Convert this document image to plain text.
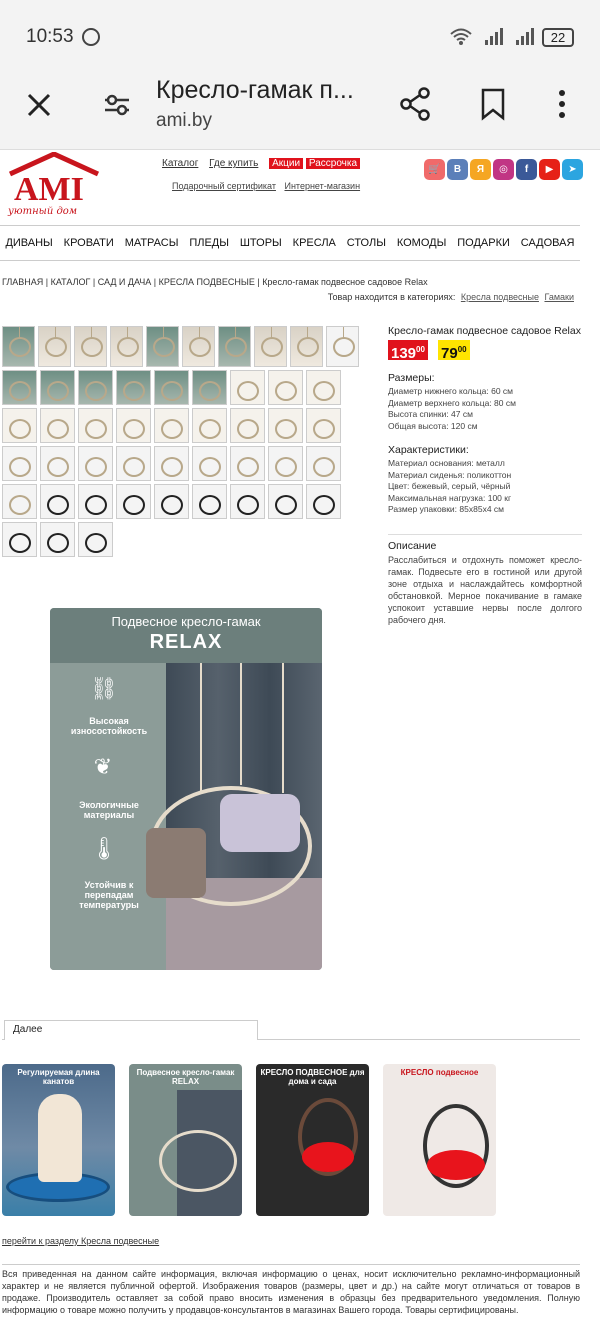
10:53	22
Кресло-гамак п...
ami.by
AMI
уютный дом
Каталог Где купить Акции Рассрочка
Подарочный сертификат Интернет-магазин
🛒	В	Я	◎	f	▶	➤
ДИВАНЫ КРОВАТИ МАТРАСЫ ПЛЕДЫ ШТОРЫ КРЕСЛА СТОЛЫ КОМОДЫ ПОДАРКИ САДОВАЯ
ГЛАВНАЯ | КАТАЛОГ | САД И ДАЧА | КРЕСЛА ПОДВЕСНЫЕ | Кресло-гамак подвесное садовое Relax
Товар находится в категориях: Кресла подвесные Гамаки
Подвесное кресло-гамак
RELAX
⛓
Высокая износостойкость
❦
Экологичные материалы
🌡
Устойчив к перепадам температуры
Кресло-гамак подвесное садовое Relax
$139^{00}$ $79^{00}$
Размеры:
Диаметр нижнего кольца: 60 см
Диаметр верхнего кольца: 80 см
Высота спинки: 47 см
Общая высота: 120 см
Характеристики:
Материал основания: металл
Материал сиденья: поликоттон
Цвет: бежевый, серый, чёрный
Максимальная нагрузка: 100 кг
Размер упаковки: 85х85х4 см
Описание
Расслабиться и отдохнуть поможет кресло-гамак. Подвесьте его в гостиной или другой зоне отдыха и наслаждайтесь комфортной обстановкой. Мерное покачивание в гамаке успокоит уставшие нервы после долгого рабочего дня.
Далее
Регулируемая длина канатов
Подвесное кресло-гамак RELAX
КРЕСЛО ПОДВЕСНОЕ для дома и сада
КРЕСЛО подвесное
перейти к разделу Кресла подвесные
Вся приведенная на данном сайте информация, включая информацию о ценах, носит исключительно рекламно-информационный характер и не является публичной офертой. Изображения товаров (размеры, цвет и др.) на сайте могут отличаться от товаров в продаже. Производитель оставляет за собой право вносить изменения в образцы без предварительного уведомления. Полную информацию о товаре можно получить у продавцов-консультантов в магазинах Вашего города. Товары сертифицированы.
